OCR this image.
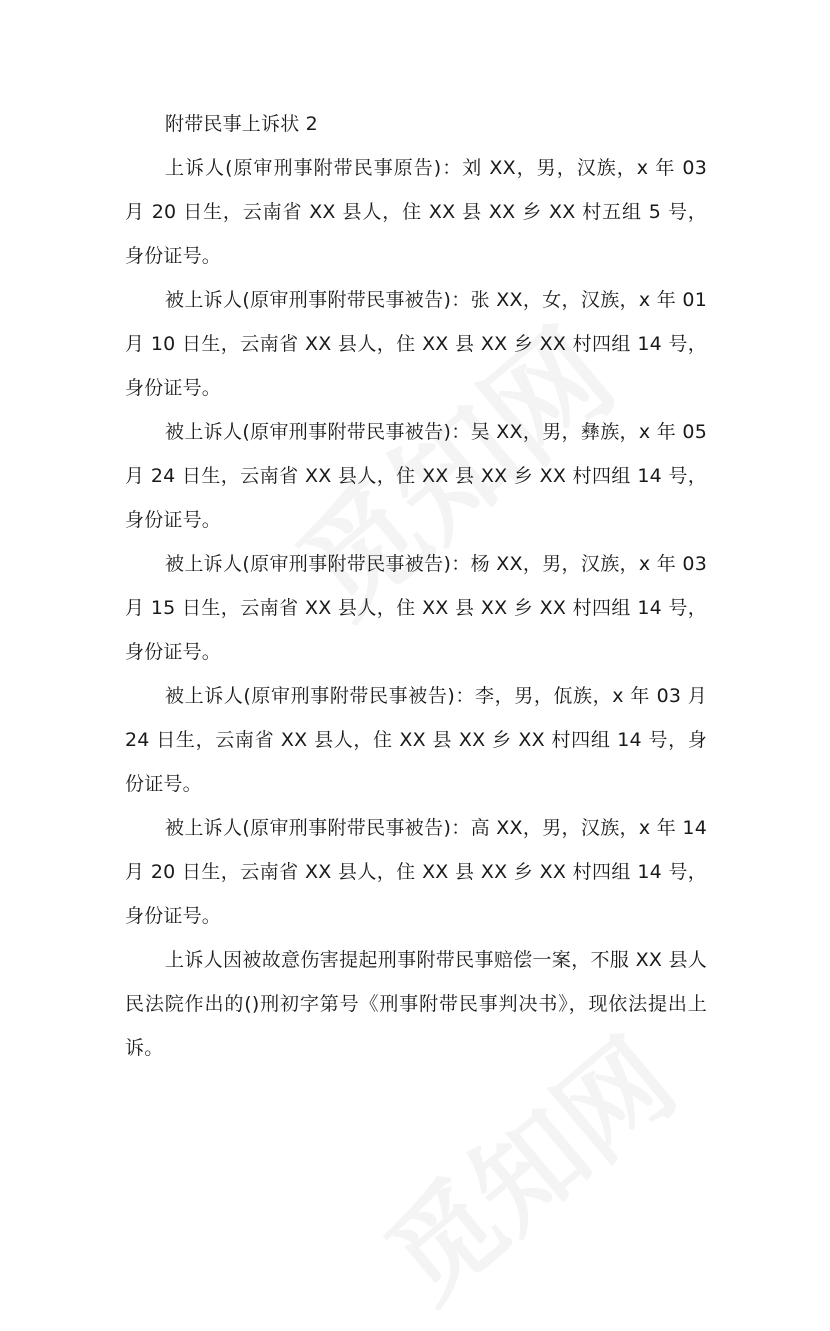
附带民事上诉状 2

上诉人(原审刑事附带民事原告)：刘 XX，男，汉族，x 年 03 月 20 日生，云南省 XX 县人，住 XX 县 XX 乡 XX 村五组 5 号，身份证号。

被上诉人(原审刑事附带民事被告)：张 XX，女，汉族，x 年 01 月 10 日生，云南省 XX 县人，住 XX 县 XX 乡 XX 村四组 14 号，身份证号。

被上诉人(原审刑事附带民事被告)：吴 XX，男，彝族，x 年 05 月 24 日生，云南省 XX 县人，住 XX 县 XX 乡 XX 村四组 14 号，身份证号。

被上诉人(原审刑事附带民事被告)：杨 XX，男，汉族，x 年 03 月 15 日生，云南省 XX 县人，住 XX 县 XX 乡 XX 村四组 14 号，身份证号。

被上诉人(原审刑事附带民事被告)：李，男，佤族，x 年 03 月 24 日生，云南省 XX 县人，住 XX 县 XX 乡 XX 村四组 14 号，身份证号。

被上诉人(原审刑事附带民事被告)：高 XX，男，汉族，x 年 14 月 20 日生，云南省 XX 县人，住 XX 县 XX 乡 XX 村四组 14 号，身份证号。

上诉人因被故意伤害提起刑事附带民事赔偿一案，不服 XX 县人民法院作出的()刑初字第号《刑事附带民事判决书》，现依法提出上诉。
